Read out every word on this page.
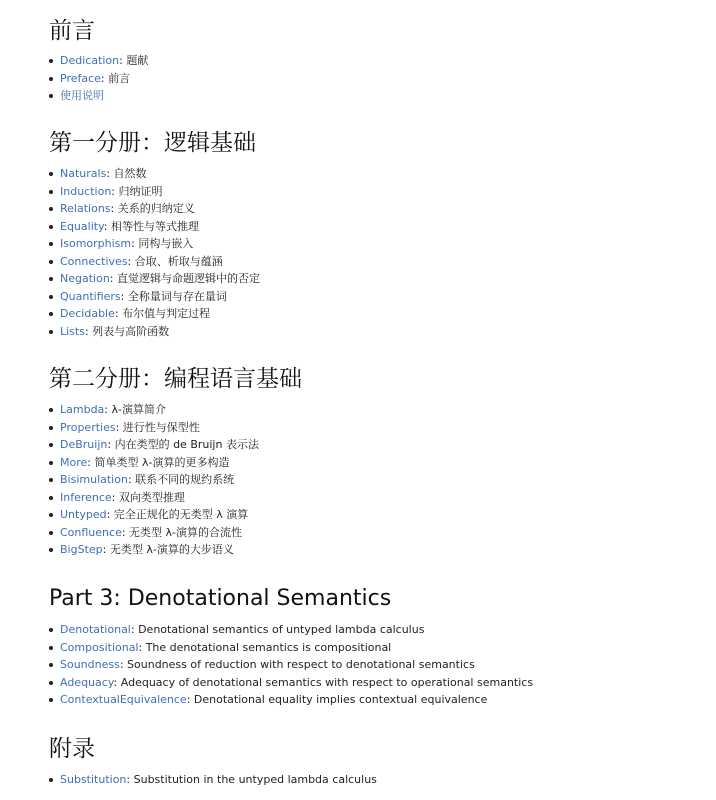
前言
Dedication: 题献
Preface: 前言
使用说明
第一分册：逻辑基础
Naturals: 自然数
Induction: 归纳证明
Relations: 关系的归纳定义
Equality: 相等性与等式推理
Isomorphism: 同构与嵌入
Connectives: 合取、析取与蕴涵
Negation: 直觉逻辑与命题逻辑中的否定
Quantifiers: 全称量词与存在量词
Decidable: 布尔值与判定过程
Lists: 列表与高阶函数
第二分册：编程语言基础
Lambda: λ-演算简介
Properties: 进行性与保型性
DeBruijn: 内在类型的 de Bruijn 表示法
More: 简单类型 λ-演算的更多构造
Bisimulation: 联系不同的规约系统
Inference: 双向类型推理
Untyped: 完全正规化的无类型 λ 演算
Confluence: 无类型 λ-演算的合流性
BigStep: 无类型 λ-演算的大步语义
Part 3: Denotational Semantics
Denotational: Denotational semantics of untyped lambda calculus
Compositional: The denotational semantics is compositional
Soundness: Soundness of reduction with respect to denotational semantics
Adequacy: Adequacy of denotational semantics with respect to operational semantics
ContextualEquivalence: Denotational equality implies contextual equivalence
附录
Substitution: Substitution in the untyped lambda calculus
